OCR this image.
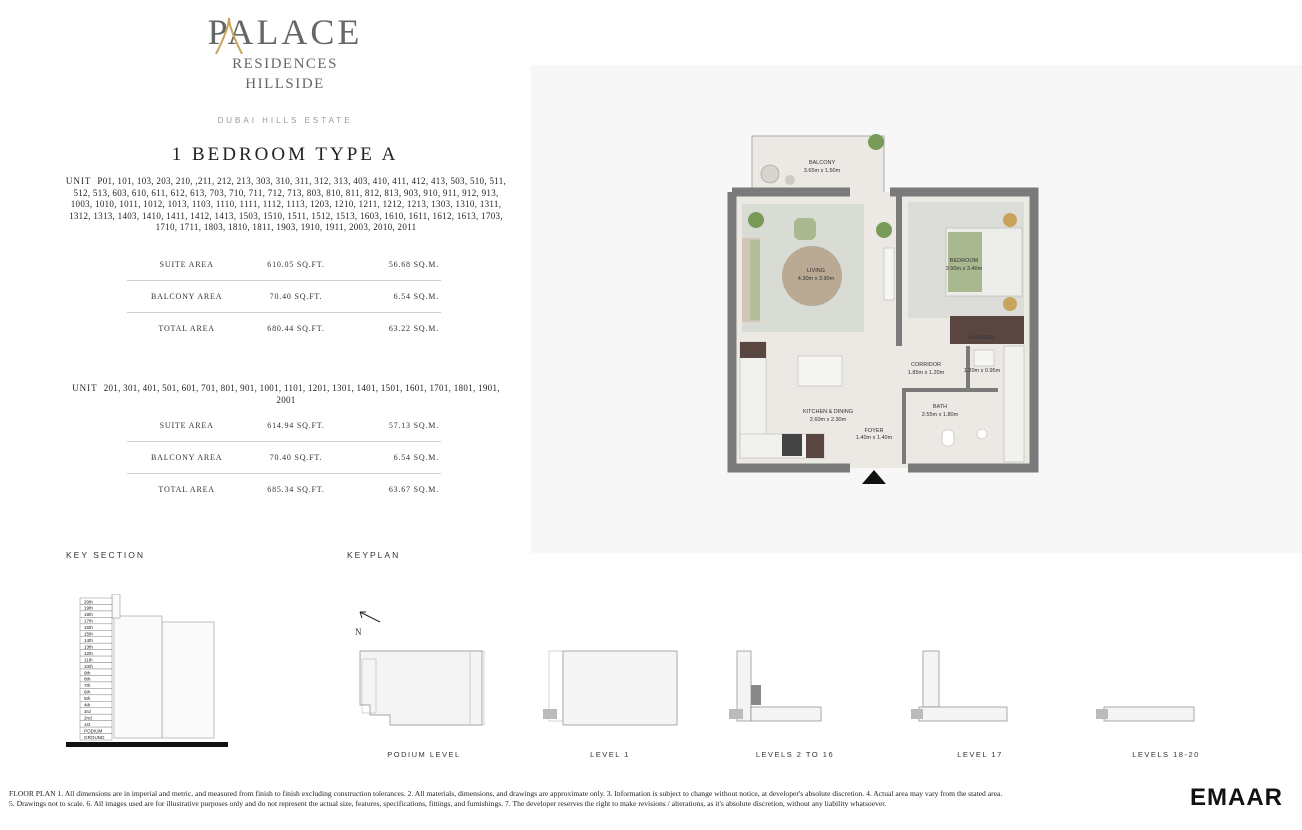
PALACE
RESIDENCES
HILLSIDE
DUBAI HILLS ESTATE
1 BEDROOM TYPE A
UNIT P01, 101, 103, 203, 210, ,211, 212, 213, 303, 310, 311, 312, 313, 403, 410, 411, 412, 413, 503, 510, 511, 512, 513, 603, 610, 611, 612, 613, 703, 710, 711, 712, 713, 803, 810, 811, 812, 813, 903, 910, 911, 912, 913, 1003, 1010, 1011, 1012, 1013, 1103, 1110, 1111, 1112, 1113, 1203, 1210, 1211, 1212, 1213, 1303, 1310, 1311, 1312, 1313, 1403, 1410, 1411, 1412, 1413, 1503, 1510, 1511, 1512, 1513, 1603, 1610, 1611, 1612, 1613, 1703, 1710, 1711, 1803, 1810, 1811, 1903, 1910, 1911, 2003, 2010, 2011
SUITE AREA	610.05 SQ.FT.	56.68 SQ.M.
BALCONY AREA	70.40 SQ.FT.	6.54 SQ.M.
TOTAL AREA	680.44 SQ.FT.	63.22 SQ.M.
UNIT 201, 301, 401, 501, 601, 701, 801, 901, 1001, 1101, 1201, 1301, 1401, 1501, 1601, 1701, 1801, 1901, 2001
SUITE AREA	614.94 SQ.FT.	57.13 SQ.M.
BALCONY AREA	70.40 SQ.FT.	6.54 SQ.M.
TOTAL AREA	685.34 SQ.FT.	63.67 SQ.M.
BALCONY
3.65m x 1.50m
LIVING
4.30m x 3.90m
BEDROOM
3.90m x 3.40m
CORRIDOR
1.85m x 1.20m
LAUNDRY
1.20m x 0.95m
KITCHEN & DINING
2.60m x 2.30m
BATH
2.55m x 1.80m
FOYER
1.40m x 1.40m
KEY SECTION
20th
19th
18th
17th
16th
15th
14th
13th
12th
11th
10th
9th
8th
7th
6th
5th
4th
3rd
2nd
1st
PODIUM
GROUND
KEYPLAN
N
PODIUM LEVEL	LEVEL 1	LEVELS 2 TO 16	LEVEL 17	LEVELS 18-20
FLOOR PLAN 1. All dimensions are in imperial and metric, and measured from finish to finish excluding construction tolerances. 2. All materials, dimensions, and drawings are approximate only. 3. Information is subject to change without notice, at developer's absolute discretion. 4. Actual area may vary from the stated area.
5. Drawings not to scale. 6. All images used are for illustrative purposes only and do not represent the actual size, features, specifications, fittings, and furnishings. 7. The developer reserves the right to make revisions / alterations, as it's absolute discretion, without any liability whatsoever.	EMAAR
